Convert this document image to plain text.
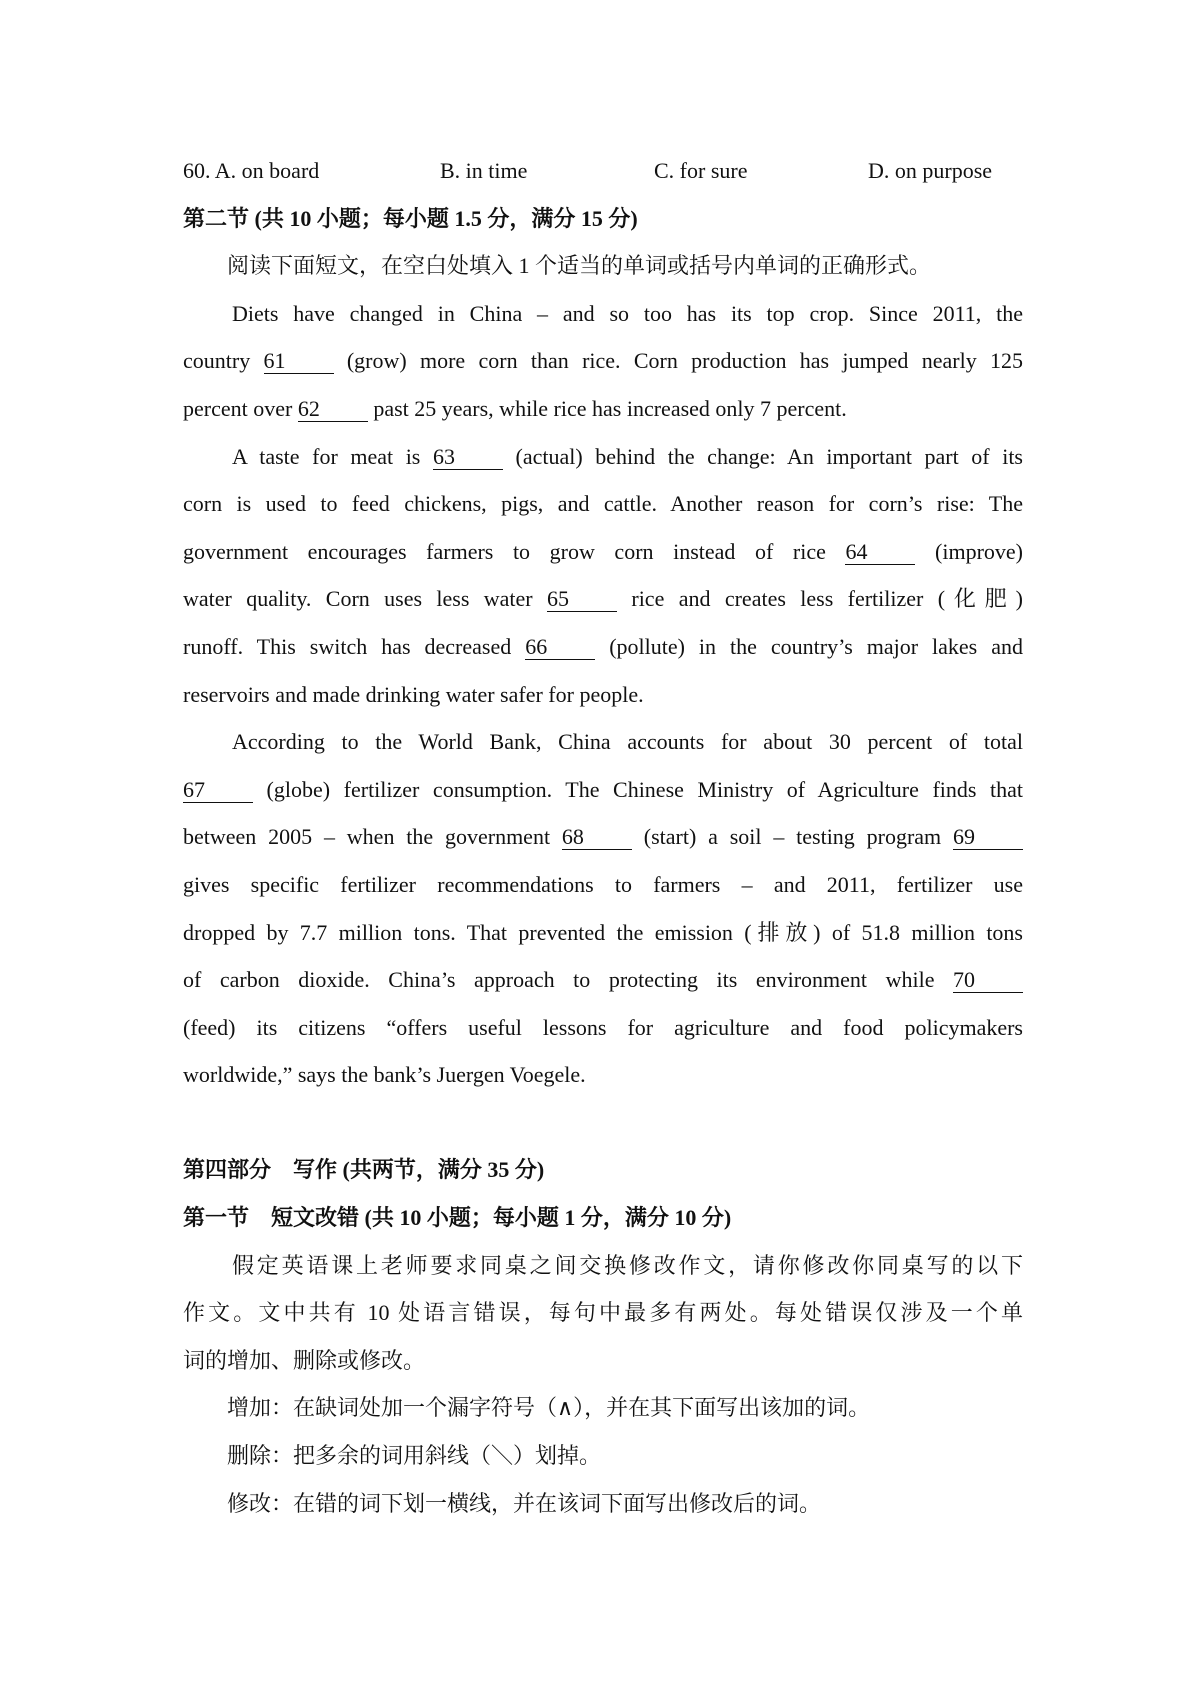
60. A. on board	B. in time	C. for sure	D. on purpose
第二节 (共 10 小题；每小题 1.5 分，满分 15 分)
阅读下面短文，在空白处填入 1 个适当的单词或括号内单词的正确形式。
Diets have changed in China – and so too has its top crop. Since 2011, the
country 61 (grow) more corn than rice. Corn production has jumped nearly 125
percent over 62 past 25 years, while rice has increased only 7 percent.
A taste for meat is 63 (actual) behind the change: An important part of its
corn is used to feed chickens, pigs, and cattle. Another reason for corn’s rise: The
government encourages farmers to grow corn instead of rice 64 (improve)
water quality. Corn uses less water 65 rice and creates less fertilizer (化肥)
runoff. This switch has decreased 66 (pollute) in the country’s major lakes and
reservoirs and made drinking water safer for people.
According to the World Bank, China accounts for about 30 percent of total
67 (globe) fertilizer consumption. The Chinese Ministry of Agriculture finds that
between 2005 – when the government 68 (start) a soil – testing program 69
gives specific fertilizer recommendations to farmers – and 2011, fertilizer use
dropped by 7.7 million tons. That prevented the emission (排放) of 51.8 million tons
of carbon dioxide. China’s approach to protecting its environment while 70
(feed) its citizens “offers useful lessons for agriculture and food policymakers
worldwide,” says the bank’s Juergen Voegele.
第四部分　写作 (共两节，满分 35 分)
第一节　短文改错 (共 10 小题；每小题 1 分，满分 10 分)
假定英语课上老师要求同桌之间交换修改作文，请你修改你同桌写的以下
作文。文中共有 10 处语言错误，每句中最多有两处。每处错误仅涉及一个单
词的增加、删除或修改。
增加：在缺词处加一个漏字符号（∧），并在其下面写出该加的词。
删除：把多余的词用斜线（＼）划掉。
修改：在错的词下划一横线，并在该词下面写出修改后的词。
